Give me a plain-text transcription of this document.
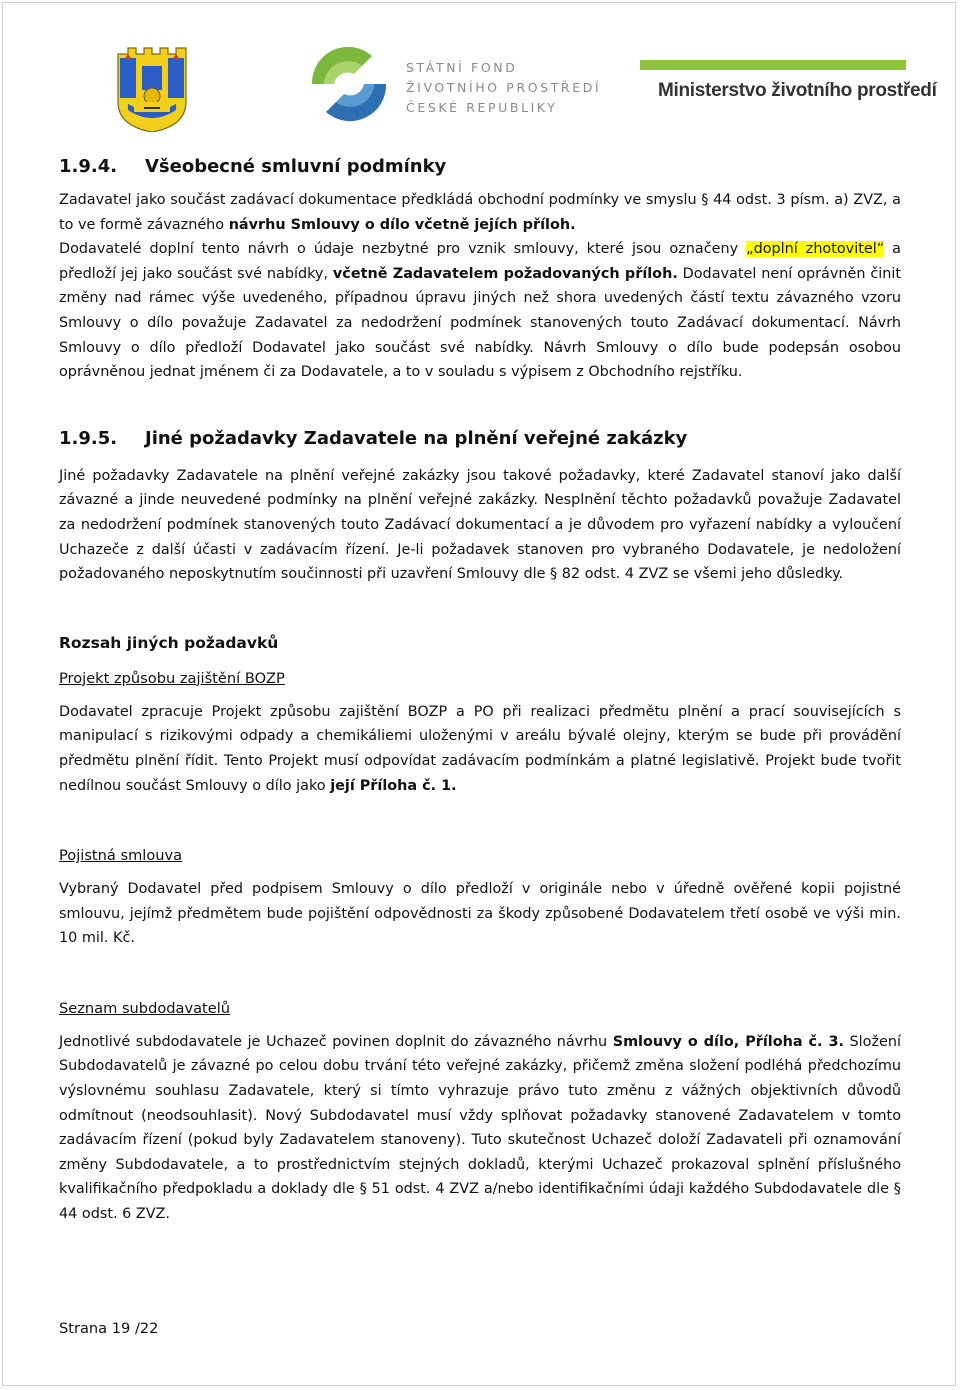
STÁTNÍ FOND
ŽIVOTNÍHO PROSTŘEDÍ
ČESKÉ REPUBLIKY
Ministerstvo životního prostředí
1.9.4. Všeobecné smluvní podmínky

Zadavatel jako součást zadávací dokumentace předkládá obchodní podmínky ve smyslu § 44 odst. 3 písm. a) ZVZ, a to ve formě závazného návrhu Smlouvy o dílo včetně jejích příloh.

Dodavatelé doplní tento návrh o údaje nezbytné pro vznik smlouvy, které jsou označeny „doplní zhotovitel“ a předloží jej jako součást své nabídky, včetně Zadavatelem požadovaných příloh. Dodavatel není oprávněn činit změny nad rámec výše uvedeného, případnou úpravu jiných než shora uvedených částí textu závazného vzoru Smlouvy o dílo považuje Zadavatel za nedodržení podmínek stanovených touto Zadávací dokumentací. Návrh Smlouvy o dílo předloží Dodavatel jako součást své nabídky. Návrh Smlouvy o dílo bude podepsán osobou oprávněnou jednat jménem či za Dodavatele, a to v souladu s výpisem z Obchodního rejstříku.

1.9.5. Jiné požadavky Zadavatele na plnění veřejné zakázky

Jiné požadavky Zadavatele na plnění veřejné zakázky jsou takové požadavky, které Zadavatel stanoví jako další závazné a jinde neuvedené podmínky na plnění veřejné zakázky. Nesplnění těchto požadavků považuje Zadavatel za nedodržení podmínek stanovených touto Zadávací dokumentací a je důvodem pro vyřazení nabídky a vyloučení Uchazeče z další účasti v zadávacím řízení. Je-li požadavek stanoven pro vybraného Dodavatele, je nedoložení požadovaného neposkytnutím součinnosti při uzavření Smlouvy dle § 82 odst. 4 ZVZ se všemi jeho důsledky.

Rozsah jiných požadavků

Projekt způsobu zajištění BOZP

Dodavatel zpracuje Projekt způsobu zajištění BOZP a PO při realizaci předmětu plnění a prací souvisejících s manipulací s rizikovými odpady a chemikáliemi uloženými v areálu bývalé olejny, kterým se bude při provádění předmětu plnění řídit. Tento Projekt musí odpovídat zadávacím podmínkám a platné legislativě. Projekt bude tvořit nedílnou součást Smlouvy o dílo jako její Příloha č. 1.

Pojistná smlouva

Vybraný Dodavatel před podpisem Smlouvy o dílo předloží v originále nebo v úředně ověřené kopii pojistné smlouvu, jejímž předmětem bude pojištění odpovědnosti za škody způsobené Dodavatelem třetí osobě ve výši min. 10 mil. Kč.

Seznam subdodavatelů

Jednotlivé subdodavatele je Uchazeč povinen doplnit do závazného návrhu Smlouvy o dílo, Příloha č. 3. Složení Subdodavatelů je závazné po celou dobu trvání této veřejné zakázky, přičemž změna složení podléhá předchozímu výslovnému souhlasu Zadavatele, který si tímto vyhrazuje právo tuto změnu z vážných objektivních důvodů odmítnout (neodsouhlasit). Nový Subdodavatel musí vždy splňovat požadavky stanovené Zadavatelem v tomto zadávacím řízení (pokud byly Zadavatelem stanoveny). Tuto skutečnost Uchazeč doloží Zadavateli při oznamování změny Subdodavatele, a to prostřednictvím stejných dokladů, kterými Uchazeč prokazoval splnění příslušného kvalifikačního předpokladu a doklady dle § 51 odst. 4 ZVZ a/nebo identifikačními údaji každého Subdodavatele dle § 44 odst. 6 ZVZ.

Strana 19 /22
